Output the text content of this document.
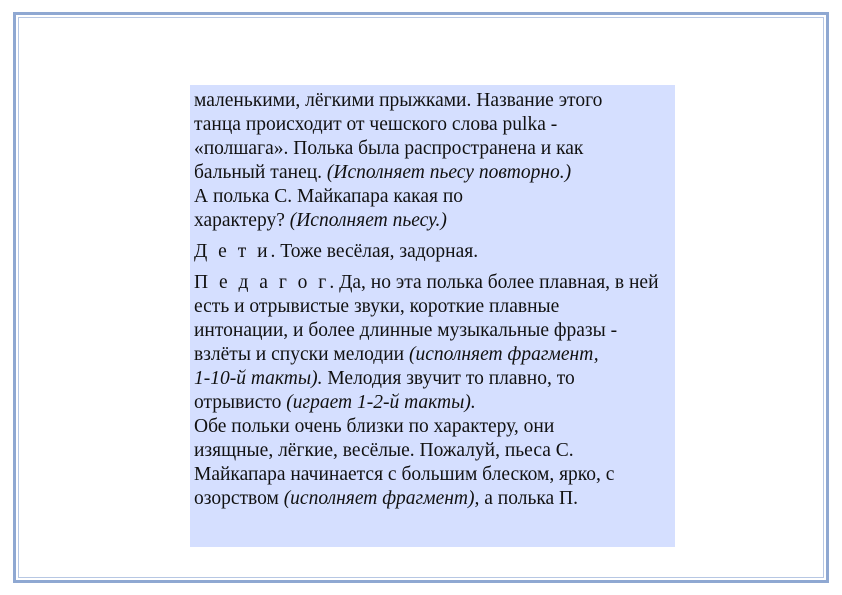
маленькими, лёгкими прыжками. Название этого
танца происходит от чешского слова pulka -
«полшага». Полька была распространена и как
бальный танец. (Исполняет пьесу повторно.)
А полька С. Майкапара какая по
характеру? (Исполняет пьесу.)
Д е т и. Тоже весёлая, задорная.
П е д а г о г. Да, но эта полька более плавная, в ней
есть и отрывистые звуки, короткие плавные
интонации, и более длинные музыкальные фразы -
взлёты и спуски мелодии (исполняет фрагмент,
1-10-й такты). Мелодия звучит то плавно, то
отрывисто (играет 1-2-й такты).
Обе польки очень близки по характеру, они
изящные, лёгкие, весёлые. Пожалуй, пьеса С.
Майкапара начинается с большим блеском, ярко, с
озорством (исполняет фрагмент), а полька П.
